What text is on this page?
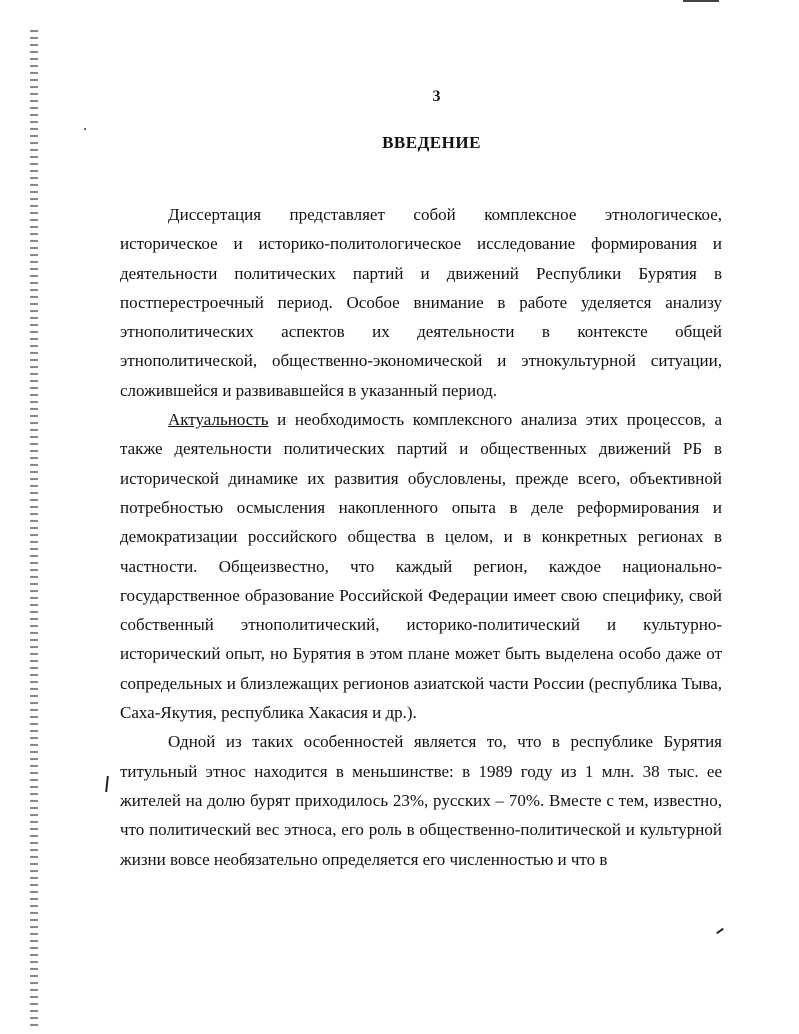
3
ВВЕДЕНИЕ

Диссертация представляет собой комплексное этнологическое, историческое и историко-политологическое исследование формирования и деятельности политических партий и движений Республики Бурятия в постперестроечный период. Особое внимание в работе уделяется анализу этнополитических аспектов их деятельности в контексте общей этнополитической, общественно-экономической и этнокультурной ситуации, сложившейся и развивавшейся в указанный период.

Актуальность и необходимость комплексного анализа этих процессов, а также деятельности политических партий и общественных движений РБ в исторической динамике их развития обусловлены, прежде всего, объективной потребностью осмысления накопленного опыта в деле реформирования и демократизации российского общества в целом, и в конкретных регионах в частности. Общеизвестно, что каждый регион, каждое национально-государственное образование Российской Федерации имеет свою специфику, свой собственный этнополитический, историко-политический и культурно-исторический опыт, но Бурятия в этом плане может быть выделена особо даже от сопредельных и близлежащих регионов азиатской части России (республика Тыва, Саха-Якутия, республика Хакасия и др.).

Одной из таких особенностей является то, что в республике Бурятия титульный этнос находится в меньшинстве: в 1989 году из 1 млн. 38 тыс. ее жителей на долю бурят приходилось 23%, русских – 70%. Вместе с тем, известно, что политический вес этноса, его роль в общественно-политической и культурной жизни вовсе необязательно определяется его численностью и что в
